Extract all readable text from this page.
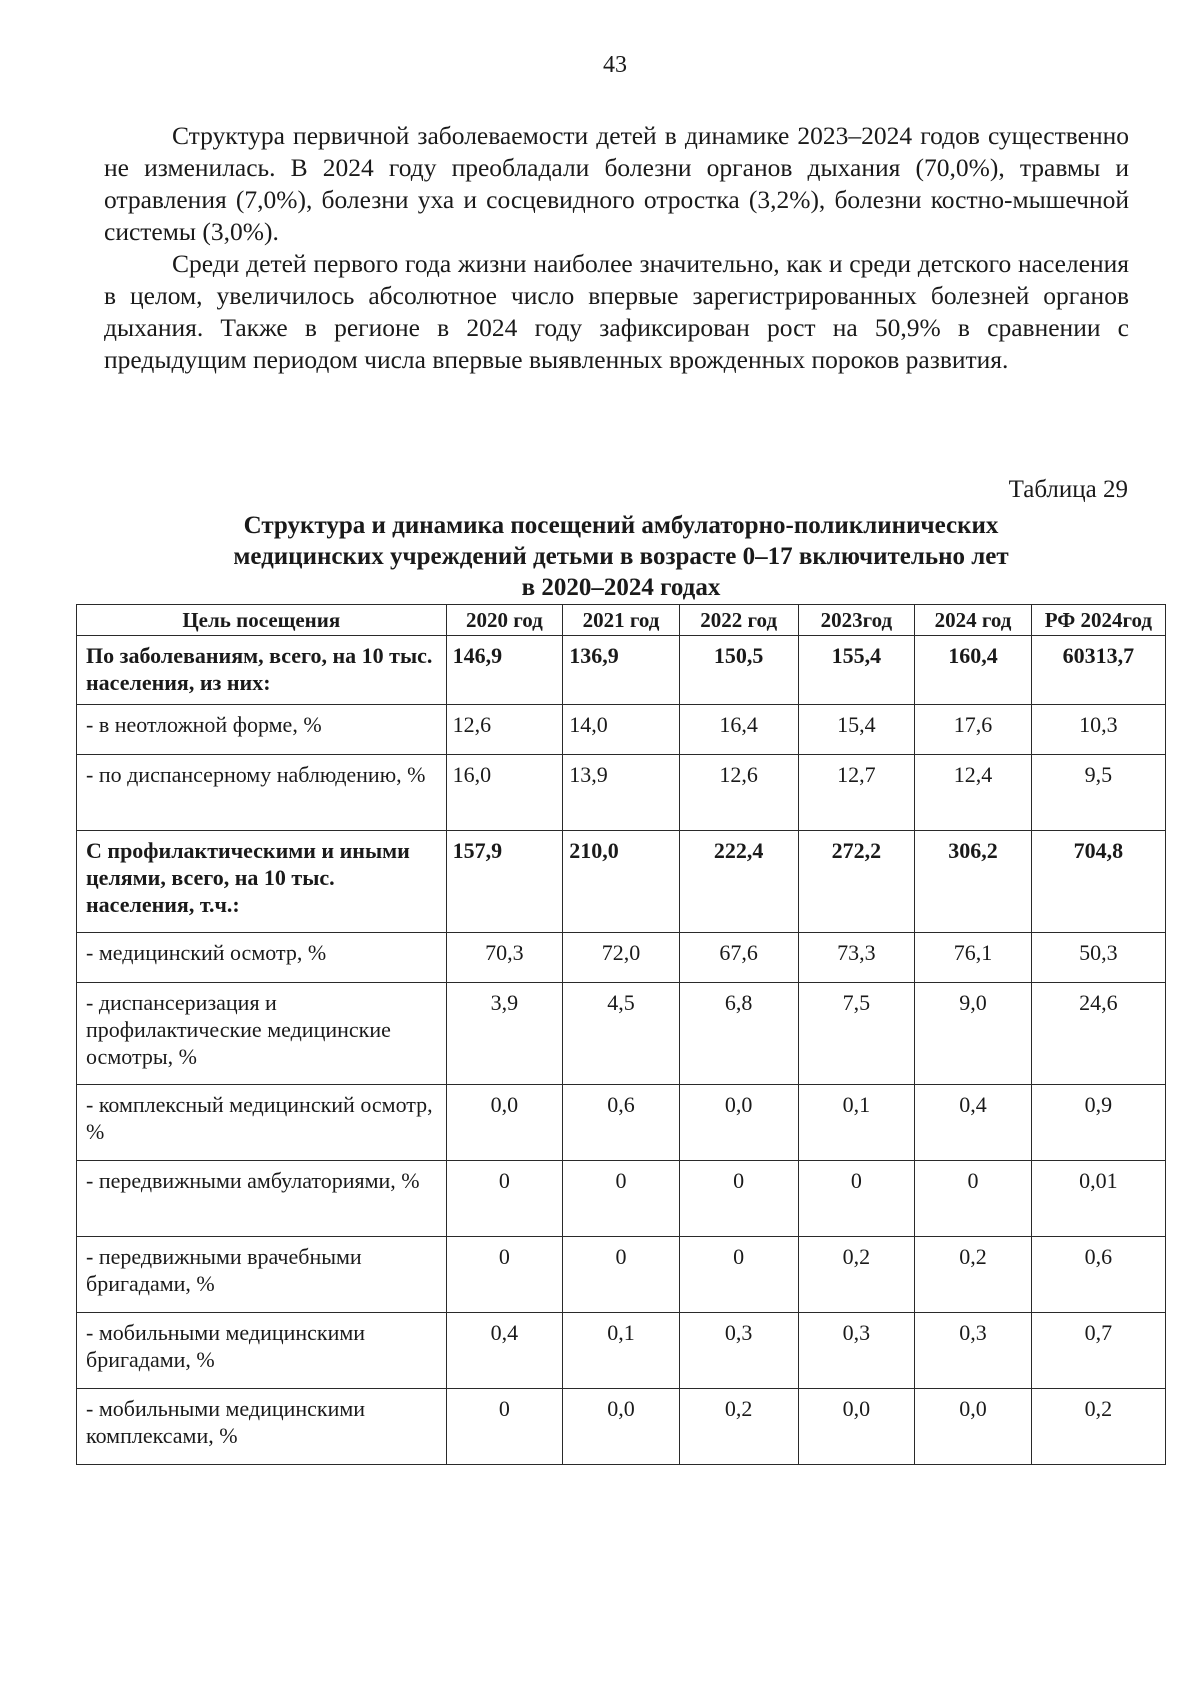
43

Структура первичной заболеваемости детей в динамике 2023–2024 годов существенно не изменилась. В 2024 году преобладали болезни органов дыхания (70,0%), травмы и отравления (7,0%), болезни уха и сосцевидного отростка (3,2%), болезни костно-мышечной системы (3,0%).

Среди детей первого года жизни наиболее значительно, как и среди детского населения в целом, увеличилось абсолютное число впервые зарегистрированных болезней органов дыхания. Также в регионе в 2024 году зафиксирован рост на 50,9% в сравнении с предыдущим периодом числа впервые выявленных врожденных пороков развития.

Таблица 29
Структура и динамика посещений амбулаторно-поликлинических
медицинских учреждений детьми в возрасте 0–17 включительно лет
в 2020–2024 годах
Цель посещения	2020 год	2021 год	2022 год	2023год	2024 год	РФ 2024год
По заболеваниям, всего, на 10 тыс. населения, из них:	146,9	136,9	150,5	155,4	160,4	60313,7
- в неотложной форме, %	12,6	14,0	16,4	15,4	17,6	10,3
- по диспансерному наблюдению, %	16,0	13,9	12,6	12,7	12,4	9,5
С профилактическими и иными целями, всего, на 10 тыс. населения, т.ч.:	157,9	210,0	222,4	272,2	306,2	704,8
- медицинский осмотр, %	70,3	72,0	67,6	73,3	76,1	50,3
- диспансеризация и профилактические медицинские осмотры, %	3,9	4,5	6,8	7,5	9,0	24,6
- комплексный медицинский осмотр, %	0,0	0,6	0,0	0,1	0,4	0,9
- передвижными амбулаториями, %	0	0	0	0	0	0,01
- передвижными врачебными бригадами, %	0	0	0	0,2	0,2	0,6
- мобильными медицинскими бригадами, %	0,4	0,1	0,3	0,3	0,3	0,7
- мобильными медицинскими комплексами, %	0	0,0	0,2	0,0	0,0	0,2
